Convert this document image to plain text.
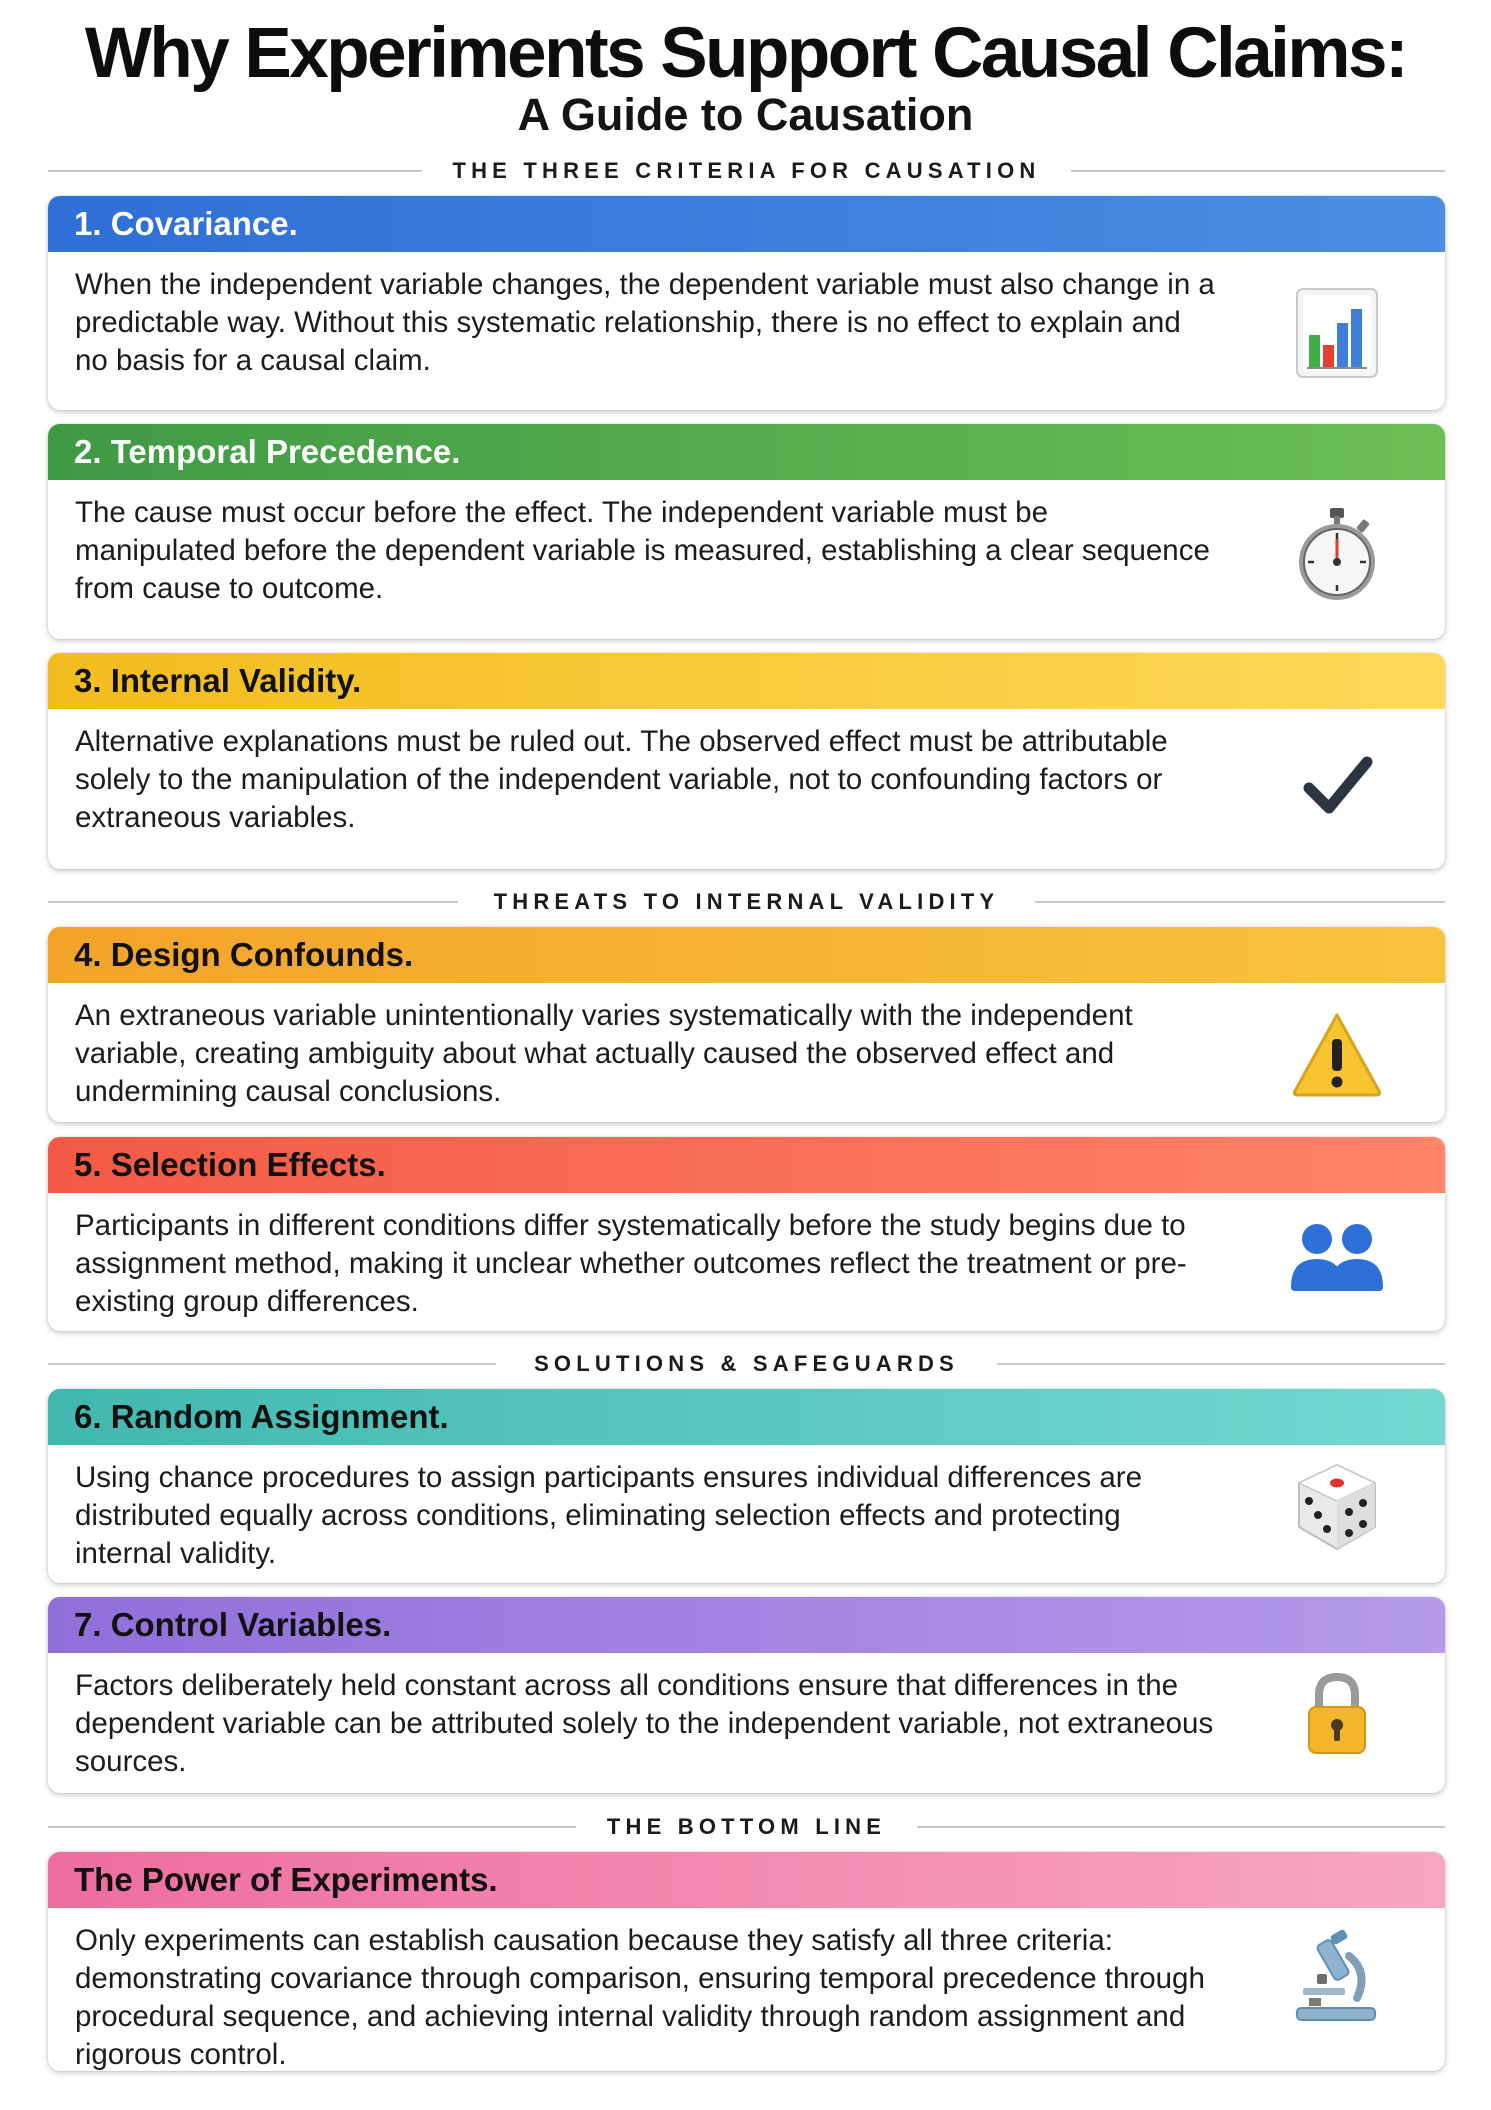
Why Experiments Support Causal Claims:
A Guide to Causation
THE THREE CRITERIA FOR CAUSATION
1. Covariance.
When the independent variable changes, the dependent variable must also change in a predictable way. Without this systematic relationship, there is no effect to explain and no basis for a causal claim.
2. Temporal Precedence.
The cause must occur before the effect. The independent variable must be manipulated before the dependent variable is measured, establishing a clear sequence from cause to outcome.
3. Internal Validity.
Alternative explanations must be ruled out. The observed effect must be attributable solely to the manipulation of the independent variable, not to confounding factors or extraneous variables.
THREATS TO INTERNAL VALIDITY
4. Design Confounds.
An extraneous variable unintentionally varies systematically with the independent variable, creating ambiguity about what actually caused the observed effect and undermining causal conclusions.
5. Selection Effects.
Participants in different conditions differ systematically before the study begins due to assignment method, making it unclear whether outcomes reflect the treatment or pre-existing group differences.
SOLUTIONS & SAFEGUARDS
6. Random Assignment.
Using chance procedures to assign participants ensures individual differences are distributed equally across conditions, eliminating selection effects and protecting internal validity.
7. Control Variables.
Factors deliberately held constant across all conditions ensure that differences in the dependent variable can be attributed solely to the independent variable, not extraneous sources.
THE BOTTOM LINE
The Power of Experiments.
Only experiments can establish causation because they satisfy all three criteria: demonstrating covariance through comparison, ensuring temporal precedence through procedural sequence, and achieving internal validity through random assignment and rigorous control.
